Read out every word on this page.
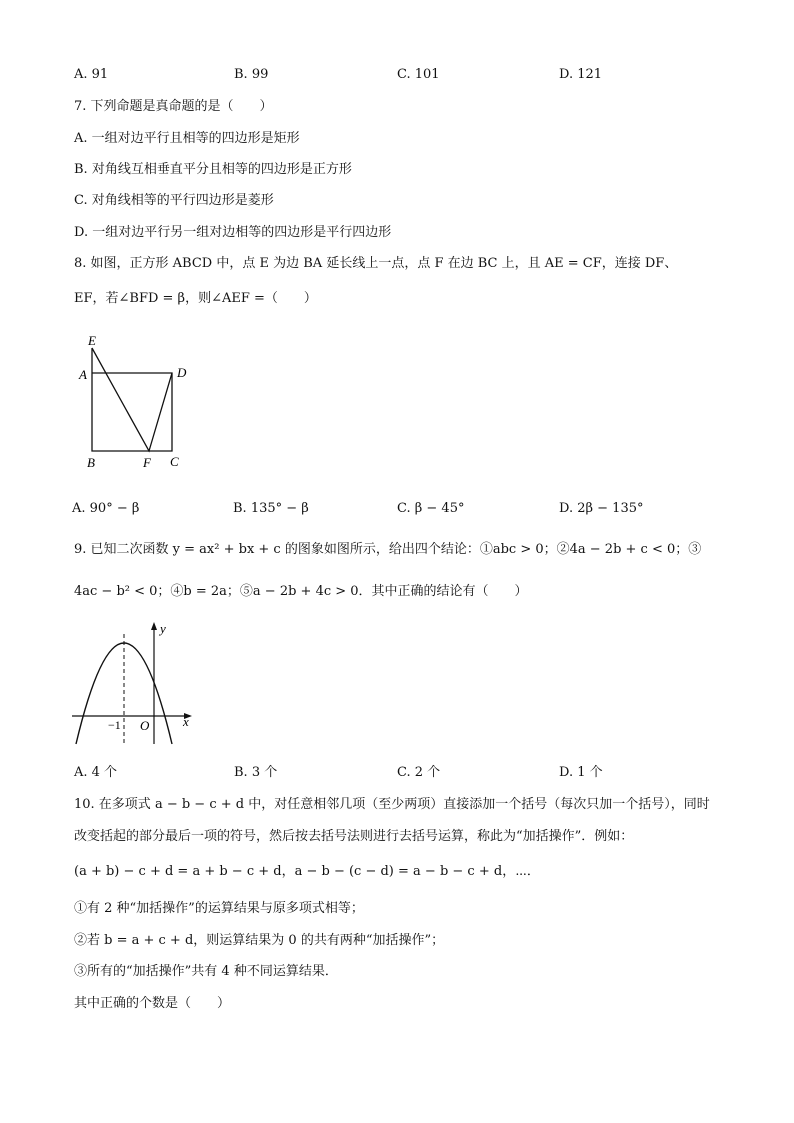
A. 91	B. 99	C. 101	D. 121
7. 下列命题是真命题的是（　　）
A. 一组对边平行且相等的四边形是矩形
B. 对角线互相垂直平分且相等的四边形是正方形
C. 对角线相等的平行四边形是菱形
D. 一组对边平行另一组对边相等的四边形是平行四边形
8. 如图，正方形 ABCD 中，点 E 为边 BA 延长线上一点，点 F 在边 BC 上，且 AE = CF，连接 DF、
EF，若∠BFD = β，则∠AEF =（　　）
E
A	D
B	F C
A. 90° − β	B. 135° − β	C. β − 45°	D. 2β − 135°
9. 已知二次函数 y = ax² + bx + c 的图象如图所示，给出四个结论：①abc > 0；②4a − 2b + c < 0；③
4ac − b² < 0；④b = 2a；⑤a − 2b + 4c > 0．其中正确的结论有（　　）
y
x
O
−1
A. 4 个	B. 3 个	C. 2 个	D. 1 个
10. 在多项式 a − b − c + d 中，对任意相邻几项（至少两项）直接添加一个括号（每次只加一个括号），同时
改变括起的部分最后一项的符号，然后按去括号法则进行去括号运算，称此为“加括操作”．例如：
(a + b) − c + d = a + b − c + d，a − b − (c − d) = a − b − c + d，⋯．
①有 2 种“加括操作”的运算结果与原多项式相等；
②若 b = a + c + d，则运算结果为 0 的共有两种“加括操作”；
③所有的“加括操作”共有 4 种不同运算结果．
其中正确的个数是（　　）
